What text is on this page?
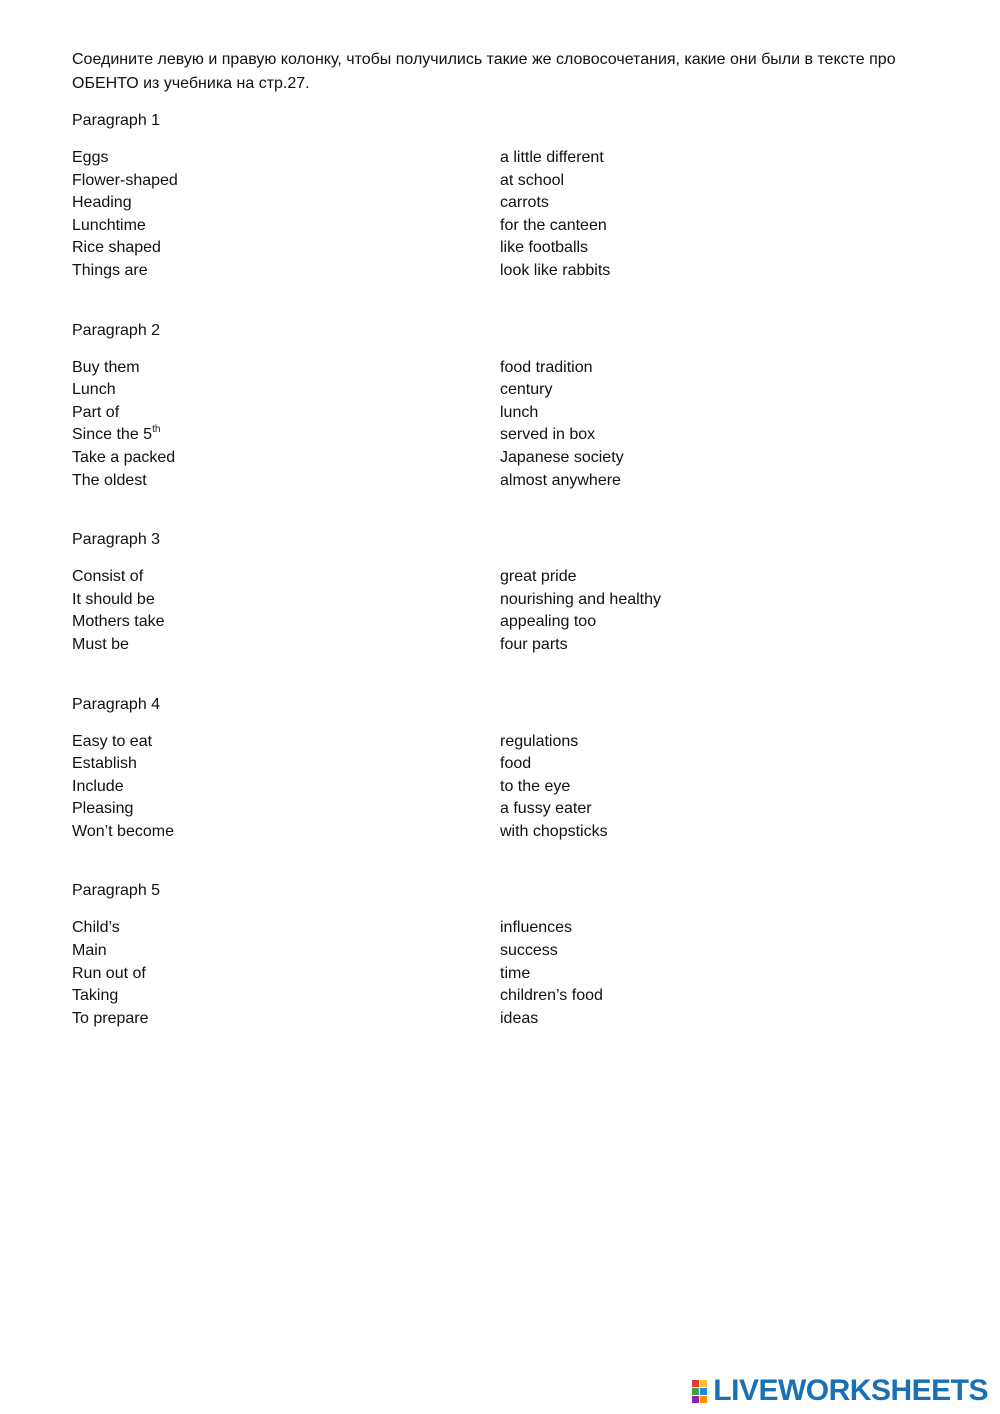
Соедините левую и правую колонку, чтобы получились такие же словосочетания, какие они были в тексте про ОБЕНТО из учебника на стр.27.

Paragraph 1
Eggs	a little different
Flower-shaped	at school
Heading	carrots
Lunchtime	for the canteen
Rice shaped	like footballs
Things are	look like rabbits
Paragraph 2
Buy them	food tradition
Lunch	century
Part of	lunch
Since the 5th	served in box
Take a packed	Japanese society
The oldest	almost anywhere
Paragraph 3
Consist of	great pride
It should be	nourishing and healthy
Mothers take	appealing too
Must be	four parts
Paragraph 4
Easy to eat	regulations
Establish	food
Include	to the eye
Pleasing	a fussy eater
Won’t become	with chopsticks
Paragraph 5
Child’s	influences
Main	success
Run out of	time
Taking	children’s food
To prepare	ideas
LIVEWORKSHEETS
